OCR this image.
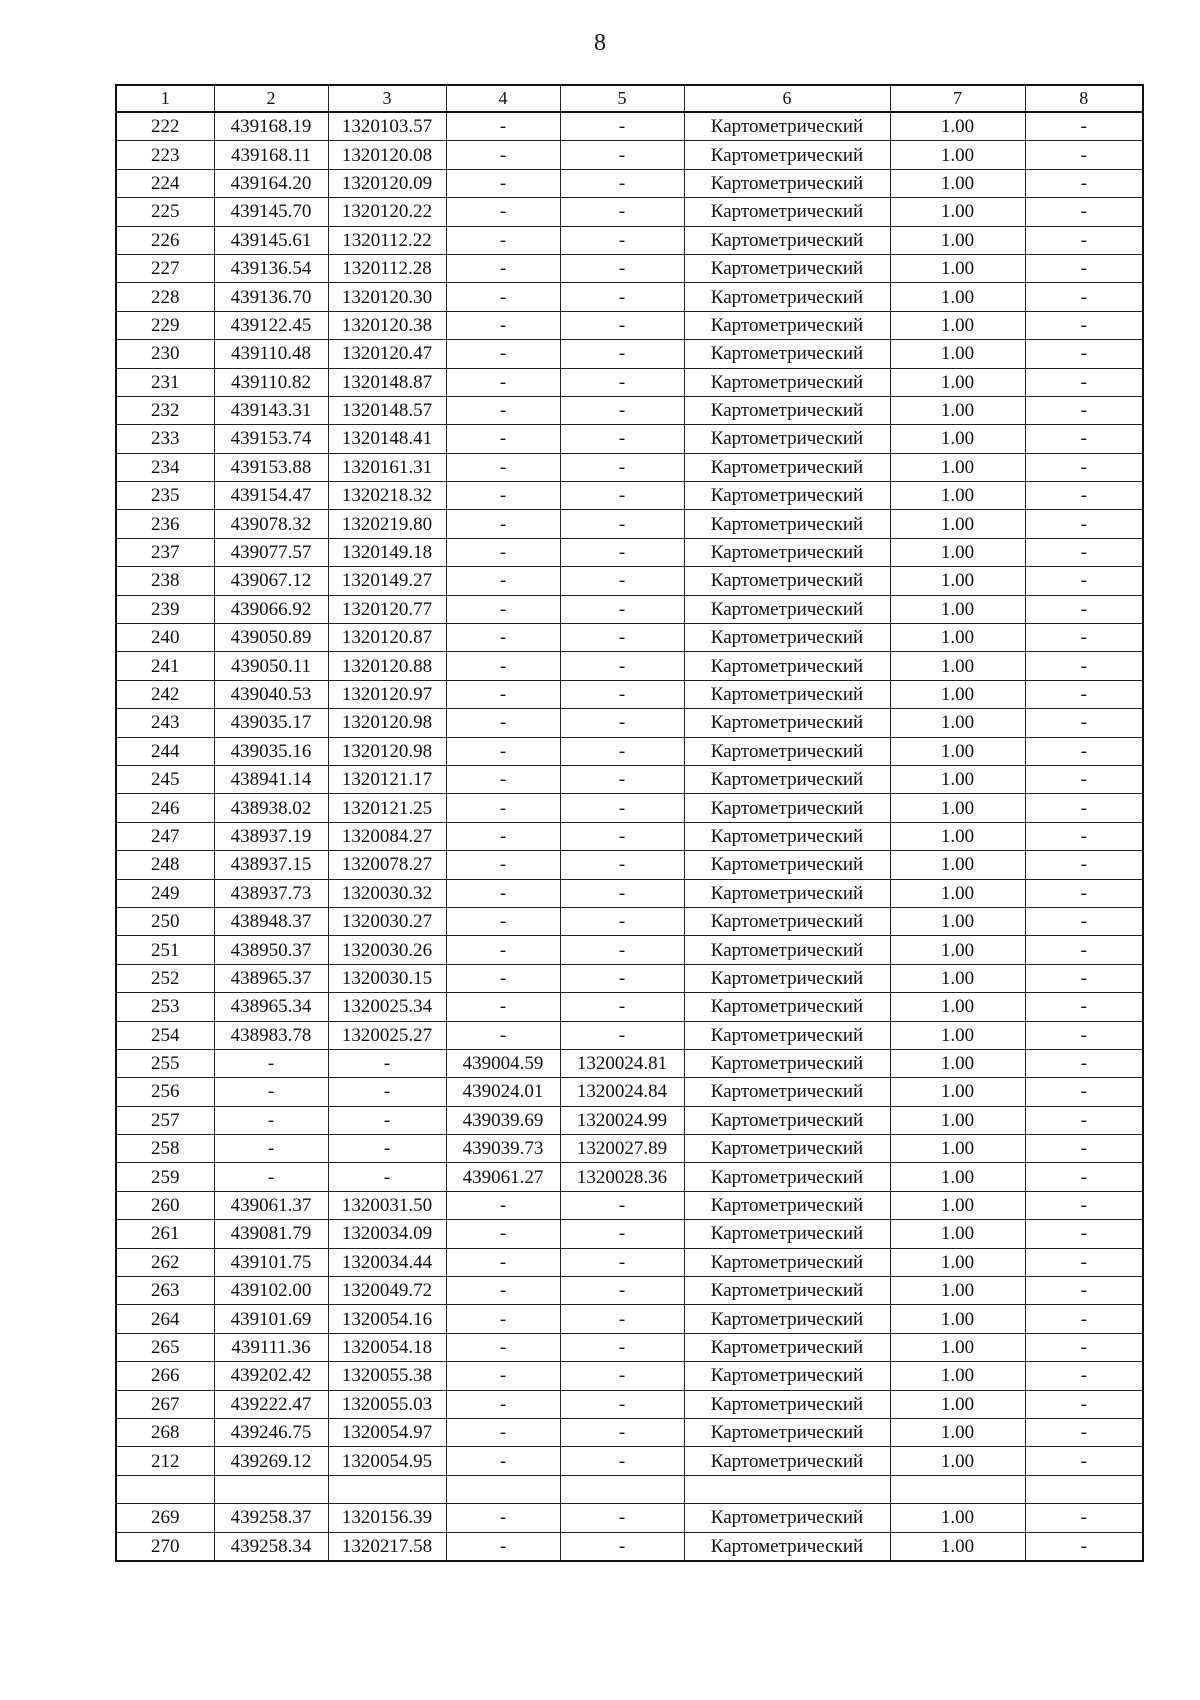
8
1	2	3	4	5	6	7	8
222	439168.19	1320103.57	-	-	Картометрический	1.00	-
223	439168.11	1320120.08	-	-	Картометрический	1.00	-
224	439164.20	1320120.09	-	-	Картометрический	1.00	-
225	439145.70	1320120.22	-	-	Картометрический	1.00	-
226	439145.61	1320112.22	-	-	Картометрический	1.00	-
227	439136.54	1320112.28	-	-	Картометрический	1.00	-
228	439136.70	1320120.30	-	-	Картометрический	1.00	-
229	439122.45	1320120.38	-	-	Картометрический	1.00	-
230	439110.48	1320120.47	-	-	Картометрический	1.00	-
231	439110.82	1320148.87	-	-	Картометрический	1.00	-
232	439143.31	1320148.57	-	-	Картометрический	1.00	-
233	439153.74	1320148.41	-	-	Картометрический	1.00	-
234	439153.88	1320161.31	-	-	Картометрический	1.00	-
235	439154.47	1320218.32	-	-	Картометрический	1.00	-
236	439078.32	1320219.80	-	-	Картометрический	1.00	-
237	439077.57	1320149.18	-	-	Картометрический	1.00	-
238	439067.12	1320149.27	-	-	Картометрический	1.00	-
239	439066.92	1320120.77	-	-	Картометрический	1.00	-
240	439050.89	1320120.87	-	-	Картометрический	1.00	-
241	439050.11	1320120.88	-	-	Картометрический	1.00	-
242	439040.53	1320120.97	-	-	Картометрический	1.00	-
243	439035.17	1320120.98	-	-	Картометрический	1.00	-
244	439035.16	1320120.98	-	-	Картометрический	1.00	-
245	438941.14	1320121.17	-	-	Картометрический	1.00	-
246	438938.02	1320121.25	-	-	Картометрический	1.00	-
247	438937.19	1320084.27	-	-	Картометрический	1.00	-
248	438937.15	1320078.27	-	-	Картометрический	1.00	-
249	438937.73	1320030.32	-	-	Картометрический	1.00	-
250	438948.37	1320030.27	-	-	Картометрический	1.00	-
251	438950.37	1320030.26	-	-	Картометрический	1.00	-
252	438965.37	1320030.15	-	-	Картометрический	1.00	-
253	438965.34	1320025.34	-	-	Картометрический	1.00	-
254	438983.78	1320025.27	-	-	Картометрический	1.00	-
255	-	-	439004.59	1320024.81	Картометрический	1.00	-
256	-	-	439024.01	1320024.84	Картометрический	1.00	-
257	-	-	439039.69	1320024.99	Картометрический	1.00	-
258	-	-	439039.73	1320027.89	Картометрический	1.00	-
259	-	-	439061.27	1320028.36	Картометрический	1.00	-
260	439061.37	1320031.50	-	-	Картометрический	1.00	-
261	439081.79	1320034.09	-	-	Картометрический	1.00	-
262	439101.75	1320034.44	-	-	Картометрический	1.00	-
263	439102.00	1320049.72	-	-	Картометрический	1.00	-
264	439101.69	1320054.16	-	-	Картометрический	1.00	-
265	439111.36	1320054.18	-	-	Картометрический	1.00	-
266	439202.42	1320055.38	-	-	Картометрический	1.00	-
267	439222.47	1320055.03	-	-	Картометрический	1.00	-
268	439246.75	1320054.97	-	-	Картометрический	1.00	-
212	439269.12	1320054.95	-	-	Картометрический	1.00	-

269	439258.37	1320156.39	-	-	Картометрический	1.00	-
270	439258.34	1320217.58	-	-	Картометрический	1.00	-
